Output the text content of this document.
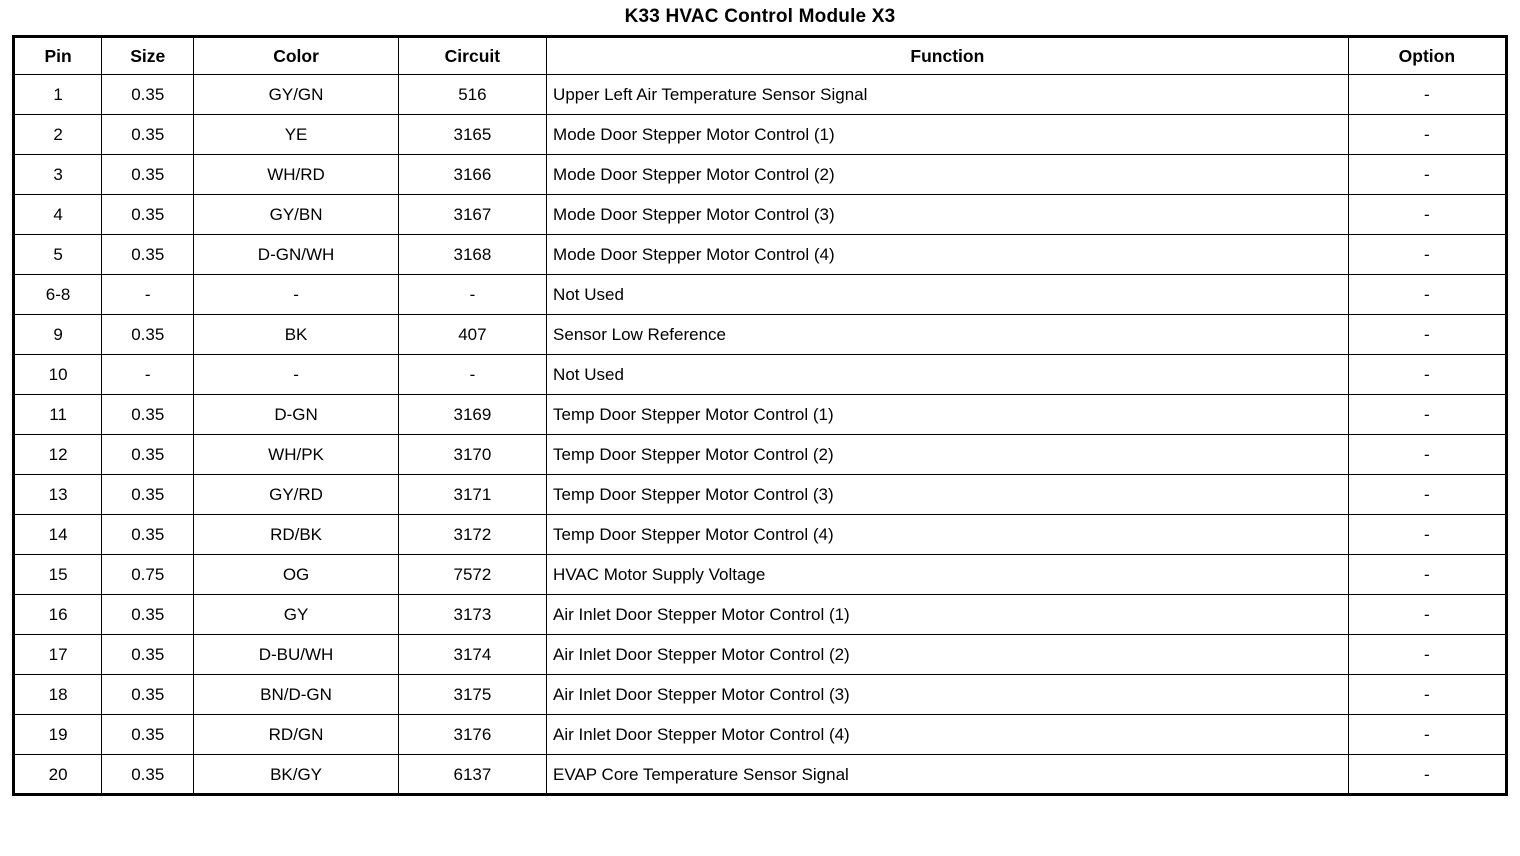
K33 HVAC Control Module X3
Pin	Size	Color	Circuit	Function	Option
1	0.35	GY/GN	516	Upper Left Air Temperature Sensor Signal	-
2	0.35	YE	3165	Mode Door Stepper Motor Control (1)	-
3	0.35	WH/RD	3166	Mode Door Stepper Motor Control (2)	-
4	0.35	GY/BN	3167	Mode Door Stepper Motor Control (3)	-
5	0.35	D-GN/WH	3168	Mode Door Stepper Motor Control (4)	-
6-8	-	-	-	Not Used	-
9	0.35	BK	407	Sensor Low Reference	-
10	-	-	-	Not Used	-
11	0.35	D-GN	3169	Temp Door Stepper Motor Control (1)	-
12	0.35	WH/PK	3170	Temp Door Stepper Motor Control (2)	-
13	0.35	GY/RD	3171	Temp Door Stepper Motor Control (3)	-
14	0.35	RD/BK	3172	Temp Door Stepper Motor Control (4)	-
15	0.75	OG	7572	HVAC Motor Supply Voltage	-
16	0.35	GY	3173	Air Inlet Door Stepper Motor Control (1)	-
17	0.35	D-BU/WH	3174	Air Inlet Door Stepper Motor Control (2)	-
18	0.35	BN/D-GN	3175	Air Inlet Door Stepper Motor Control (3)	-
19	0.35	RD/GN	3176	Air Inlet Door Stepper Motor Control (4)	-
20	0.35	BK/GY	6137	EVAP Core Temperature Sensor Signal	-
